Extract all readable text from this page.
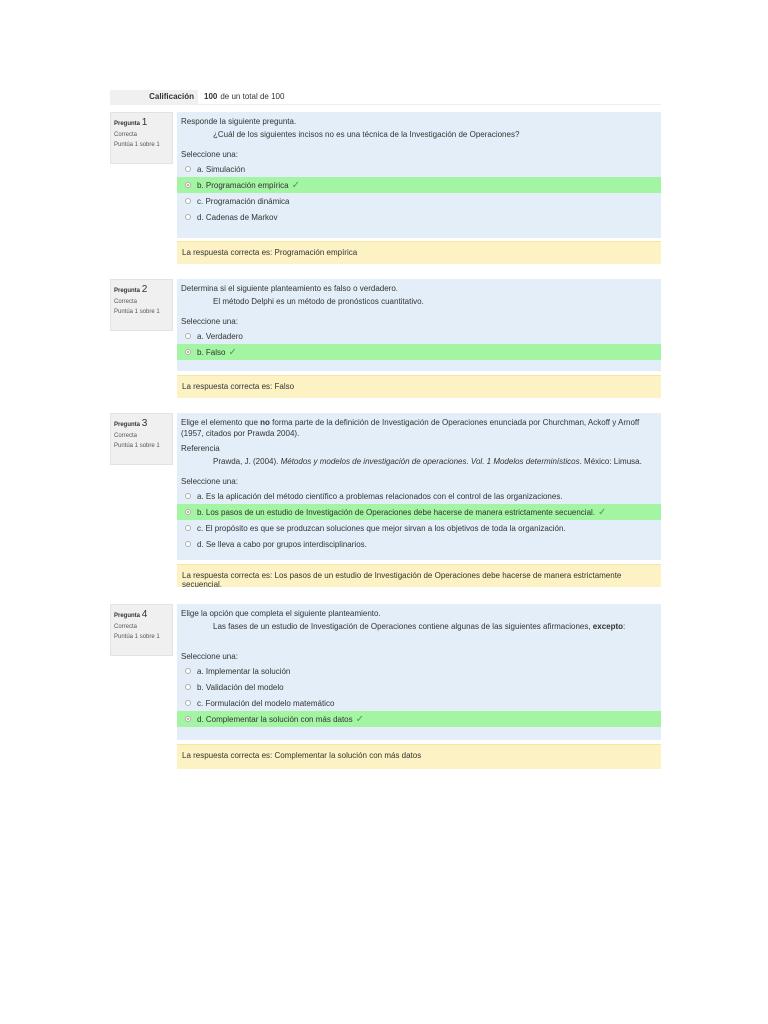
Calificación	100 de un total de 100
Pregunta 1
Correcta
Puntúa 1 sobre 1
Responde la siguiente pregunta.
¿Cuál de los siguientes incisos no es una técnica de la Investigación de Operaciones?
Seleccione una:
a. Simulación
b. Programación empírica ✓
c. Programación dinámica
d. Cadenas de Markov
La respuesta correcta es: Programación empírica
Pregunta 2
Correcta
Puntúa 1 sobre 1
Determina si el siguiente planteamiento es falso o verdadero.
El método Delphi es un método de pronósticos cuantitativo.
Seleccione una:
a. Verdadero
b. Falso ✓
La respuesta correcta es: Falso
Pregunta 3
Correcta
Puntúa 1 sobre 1
Elige el elemento que no forma parte de la definición de Investigación de Operaciones enunciada por Churchman, Ackoff y Arnoff (1957, citados por Prawda 2004).
Referencia
Prawda, J. (2004). Métodos y modelos de investigación de operaciones. Vol. 1 Modelos determinísticos. México: Limusa.
Seleccione una:
a. Es la aplicación del método científico a problemas relacionados con el control de las organizaciones.
b. Los pasos de un estudio de Investigación de Operaciones debe hacerse de manera estrictamente secuencial. ✓
c. El propósito es que se produzcan soluciones que mejor sirvan a los objetivos de toda la organización.
d. Se lleva a cabo por grupos interdisciplinarios.
La respuesta correcta es: Los pasos de un estudio de Investigación de Operaciones debe hacerse de manera estrictamente secuencial.
Pregunta 4
Correcta
Puntúa 1 sobre 1
Elige la opción que completa el siguiente planteamiento.
Las fases de un estudio de Investigación de Operaciones contiene algunas de las siguientes afirmaciones, excepto:
Seleccione una:
a. Implementar la solución
b. Validación del modelo
c. Formulación del modelo matemático
d. Complementar la solución con más datos ✓
La respuesta correcta es: Complementar la solución con más datos
